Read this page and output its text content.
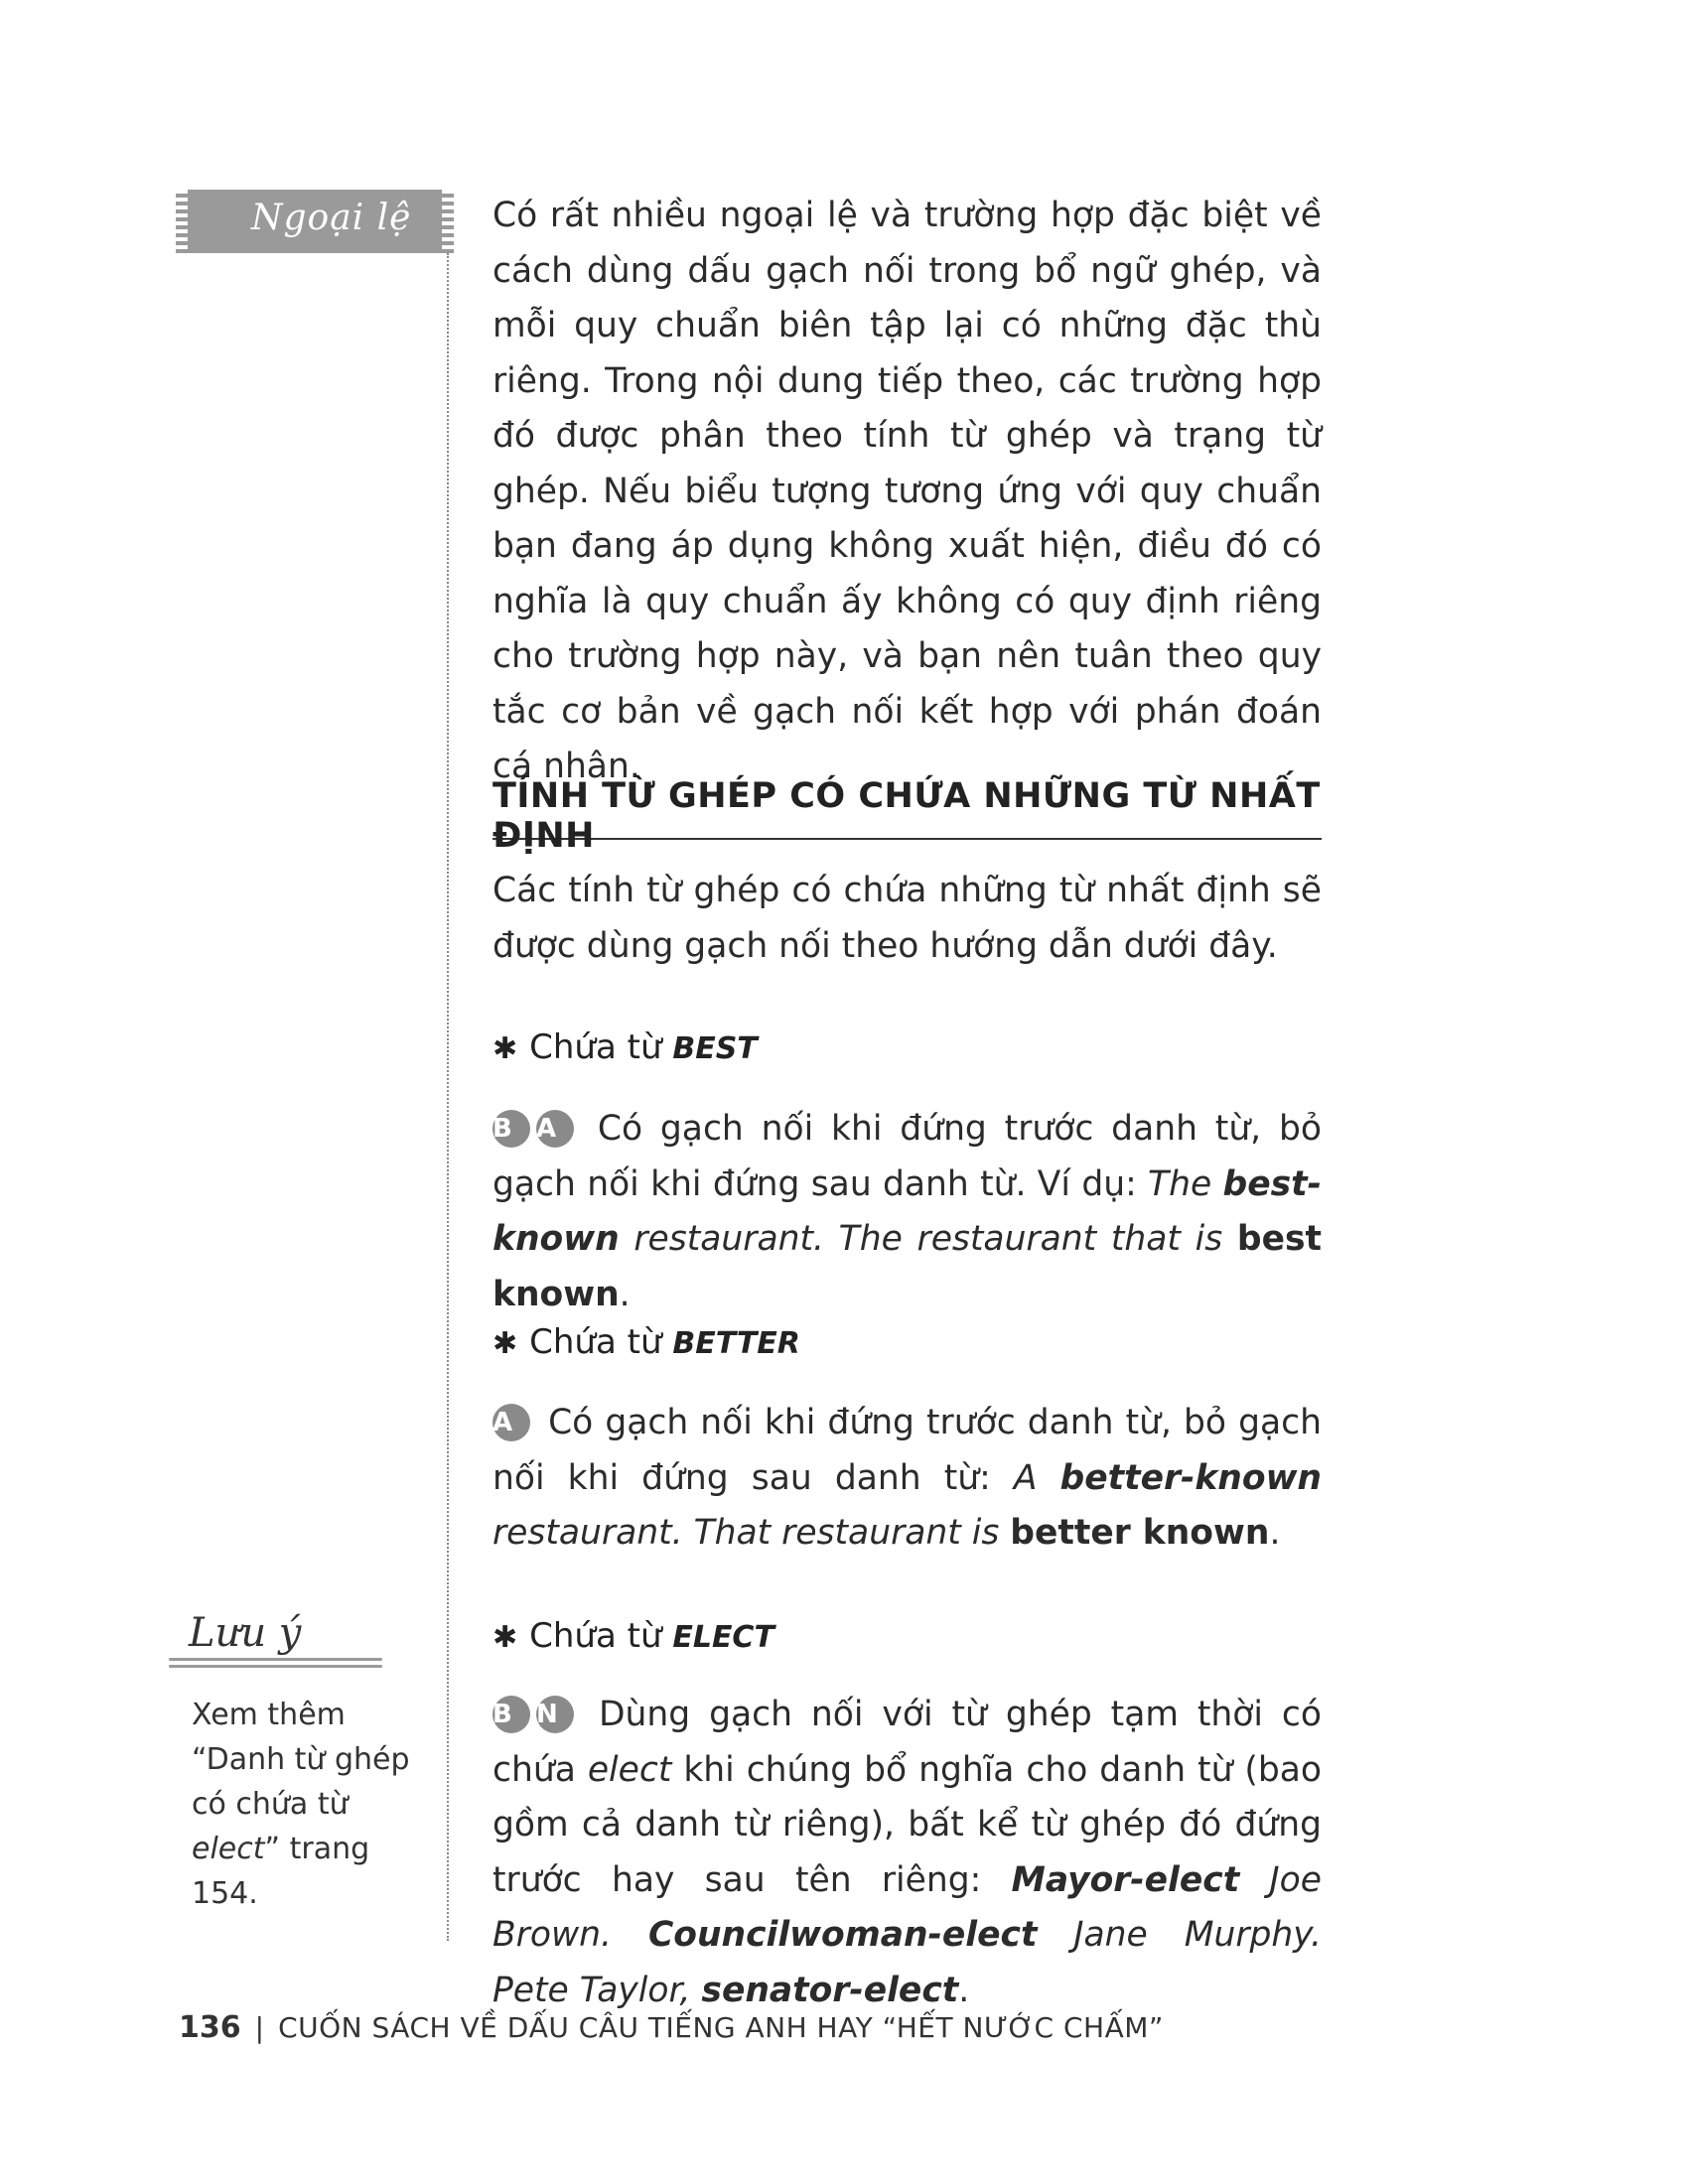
Ngoại lệ Có rất nhiều ngoại lệ và trường hợp đặc biệt về cách dùng dấu gạch nối trong bổ ngữ ghép, và mỗi quy chuẩn biên tập lại có những đặc thù riêng. Trong nội dung tiếp theo, các trường hợp đó được phân theo tính từ ghép và trạng từ ghép. Nếu biểu tượng tương ứng với quy chuẩn bạn đang áp dụng không xuất hiện, điều đó có nghĩa là quy chuẩn ấy không có quy định riêng cho trường hợp này, và bạn nên tuân theo quy tắc cơ bản về gạch nối kết hợp với phán đoán cá nhân.

TÍNH TỪ GHÉP CÓ CHỨA NHỮNG TỪ NHẤT ĐỊNH

Các tính từ ghép có chứa những từ nhất định sẽ được dùng gạch nối theo hướng dẫn dưới đây.

✱ Chứa từ BEST

B A Có gạch nối khi đứng trước danh từ, bỏ gạch nối khi đứng sau danh từ. Ví dụ: The best-known restaurant. The restaurant that is best known.

✱ Chứa từ BETTER

A Có gạch nối khi đứng trước danh từ, bỏ gạch nối khi đứng sau danh từ: A better-known restaurant. That restaurant is better known.

✱ Chứa từ ELECT

B N Dùng gạch nối với từ ghép tạm thời có chứa elect khi chúng bổ nghĩa cho danh từ (bao gồm cả danh từ riêng), bất kể từ ghép đó đứng trước hay sau tên riêng: Mayor-elect Joe Brown. Councilwoman-elect Jane Murphy. Pete Taylor, senator-elect.

Lưu ý
Xem thêm “Danh từ ghép có chứa từ elect” trang 154.
136 | CUỐN SÁCH VỀ DẤU CÂU TIẾNG ANH HAY “HẾT NƯỚC CHẤM”
